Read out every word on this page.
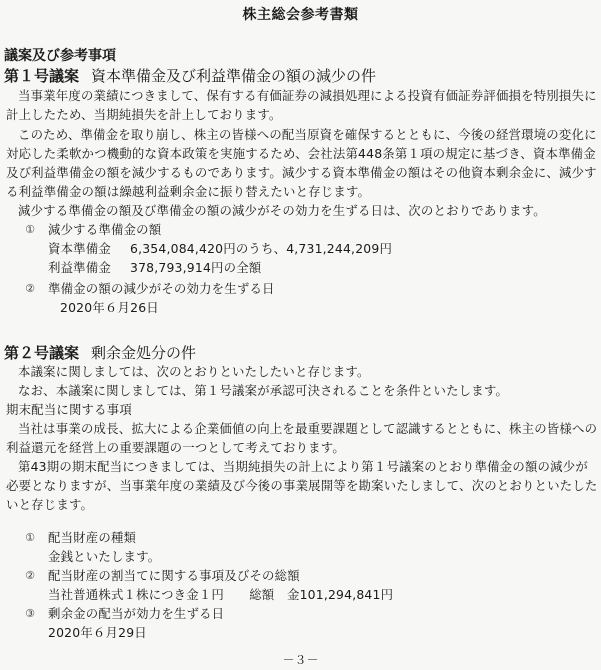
株主総会参考書類
議案及び参考事項
第１号議案 資本準備金及び利益準備金の額の減少の件
当事業年度の業績につきまして、保有する有価証券の減損処理による投資有価証券評価損を特別損失に計上したため、当期純損失を計上しております。
このため、準備金を取り崩し、株主の皆様への配当原資を確保するとともに、今後の経営環境の変化に対応した柔軟かつ機動的な資本政策を実施するため、会社法第448条第１項の規定に基づき、資本準備金及び利益準備金の額を減少するものであります。減少する資本準備金の額はその他資本剰余金に、減少する利益準備金の額は繰越利益剰余金に振り替えたいと存じます。
減少する準備金の額及び準備金の額の減少がその効力を生ずる日は、次のとおりであります。
① 減少する準備金の額
資本準備金 6,354,084,420円のうち、4,731,244,209円
利益準備金 378,793,914円の全額
② 準備金の額の減少がその効力を生ずる日
2020年６月26日
第２号議案 剰余金処分の件
本議案に関しましては、次のとおりといたしたいと存じます。
なお、本議案に関しましては、第１号議案が承認可決されることを条件といたします。
期末配当に関する事項
当社は事業の成長、拡大による企業価値の向上を最重要課題として認識するとともに、株主の皆様への利益還元を経営上の重要課題の一つとして考えております。
第43期の期末配当につきましては、当期純損失の計上により第１号議案のとおり準備金の額の減少が必要となりますが、当事業年度の業績及び今後の事業展開等を勘案いたしまして、次のとおりといたしたいと存じます。
① 配当財産の種類
金銭といたします。
② 配当財産の割当てに関する事項及びその総額
当社普通株式１株につき金１円　　総額　金101,294,841円
③ 剰余金の配当が効力を生ずる日
2020年６月29日
－３－
